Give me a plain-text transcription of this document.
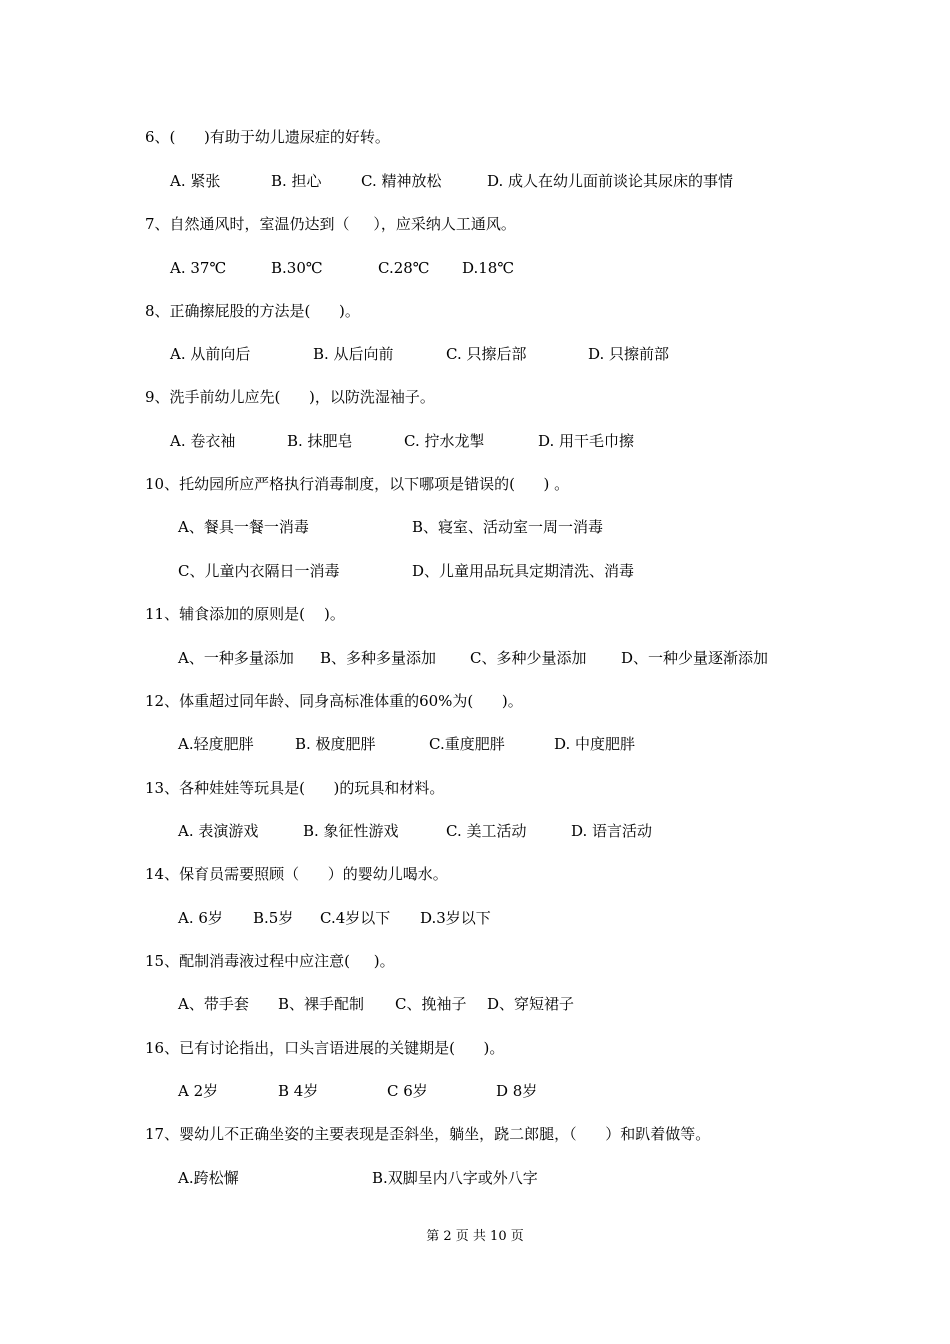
6、(      )有助于幼儿遗尿症的好转。
A. 紧张	B. 担心	C. 精神放松	D. 成人在幼儿面前谈论其尿床的事情
7、自然通风时，室温仍达到（     ），应采纳人工通风。
A. 37℃	B.30℃	C.28℃ D.18℃
8、正确擦屁股的方法是(      )。
A. 从前向后	B. 从后向前	C. 只擦后部	D. 只擦前部
9、洗手前幼儿应先(      )，以防洗湿袖子。
A. 卷衣袖	B. 抹肥皂	C. 拧水龙掣	D. 用干毛巾擦
10、托幼园所应严格执行消毒制度，以下哪项是错误的(      ) 。
A、餐具一餐一消毒	B、寝室、活动室一周一消毒
C、儿童内衣隔日一消毒	D、儿童用品玩具定期清洗、消毒
11、辅食添加的原则是(    )。
A、一种多量添加 B、多种多量添加 C、多种少量添加 D、一种少量逐渐添加
12、体重超过同年龄、同身高标准体重的60%为(      )。
A.轻度肥胖	B. 极度肥胖	C.重度肥胖	D. 中度肥胖
13、各种娃娃等玩具是(      )的玩具和材料。
A. 表演游戏	B. 象征性游戏	C. 美工活动	D. 语言活动
14、保育员需要照顾（      ）的婴幼儿喝水。
A. 6岁 B.5岁 C.4岁以下 D.3岁以下
15、配制消毒液过程中应注意(     )。
A、带手套 B、裸手配制 C、挽袖子 D、穿短裙子
16、已有讨论指出，口头言语进展的关键期是(      )。
A 2岁	B 4岁	C 6岁	D 8岁
17、婴幼儿不正确坐姿的主要表现是歪斜坐，躺坐，跷二郎腿，（      ）和趴着做等。
A.跨松懈	B.双脚呈内八字或外八字
第 2 页 共 10 页
